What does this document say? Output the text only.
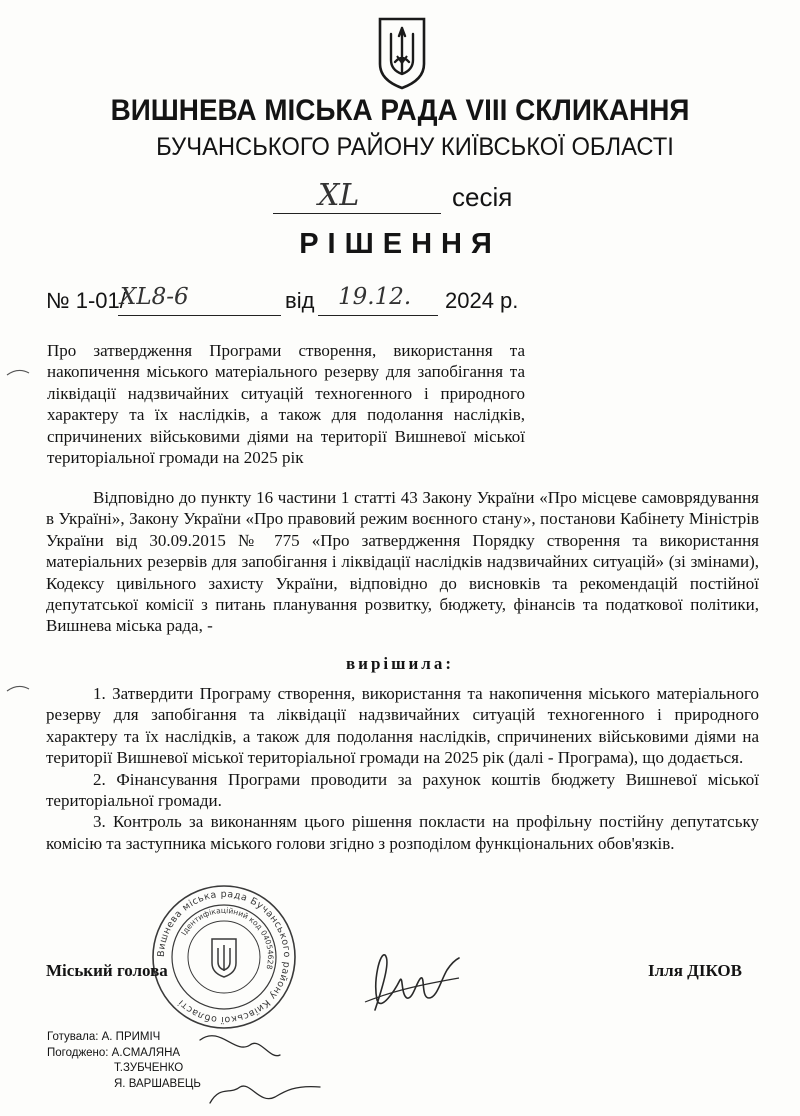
ВИШНЕВА МІСЬКА РАДА VIII СКЛИКАННЯ
БУЧАНСЬКОГО РАЙОНУ КИЇВСЬКОЇ ОБЛАСТІ
XL	сесія
РІШЕННЯ
№ 1-01/
XL8-6	від 19.12. 2024 р.
Про затвердження Програми створення, використання та накопичення міського матеріального резерву для запобігання та ліквідації надзвичайних ситуацій техногенного і природного характеру та їх наслідків, а також для подолання наслідків, спричинених військовими діями на території Вишневої міської територіальної громади на 2025 рік
Відповідно до пункту 16 частини 1 статті 43 Закону України «Про місцеве самоврядування в Україні», Закону України «Про правовий режим воєнного стану», постанови Кабінету Міністрів України від 30.09.2015 № 775 «Про затвердження Порядку створення та використання матеріальних резервів для запобігання і ліквідації наслідків надзвичайних ситуацій» (зі змінами), Кодексу цивільного захисту України, відповідно до висновків та рекомендацій постійної депутатської комісії з питань планування розвитку, бюджету, фінансів та податкової політики, Вишнева міська рада, -
вирішила:

1. Затвердити Програму створення, використання та накопичення міського матеріального резерву для запобігання та ліквідації надзвичайних ситуацій техногенного і природного характеру та їх наслідків, а також для подолання наслідків, спричинених військовими діями на території Вишневої міської територіальної громади на 2025 рік (далі - Програма), що додається.

2. Фінансування Програми проводити за рахунок коштів бюджету Вишневої міської територіальної громади.

3. Контроль за виконанням цього рішення покласти на профільну постійну депутатську комісію та заступника міського голови згідно з розподілом функціональних обов'язків.

Вишнева міська рада Бучанського району Київської області
Ідентифікаційний код 04054628
Міський голова	Ілля ДІКОВ
Готувала: А. ПРИМІЧ
Погоджено: А.СМАЛЯНА
Т.ЗУБЧЕНКО
Я. ВАРШАВЕЦЬ
